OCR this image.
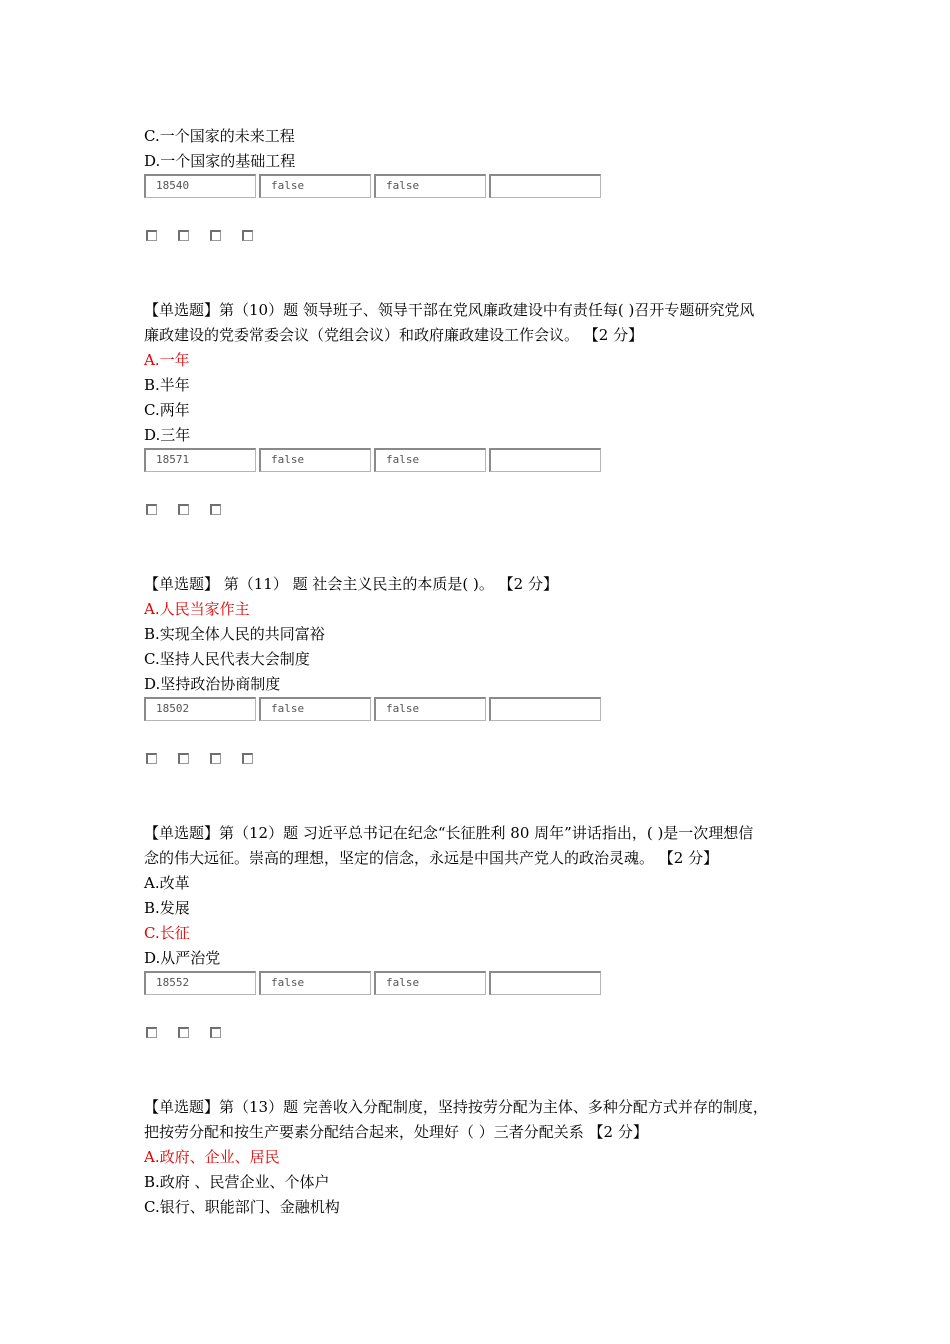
C.一个国家的未来工程
D.一个国家的基础工程
18540	false	false
【单选题】第（10）题 领导班子、领导干部在党风廉政建设中有责任每( )召开专题研究党风
廉政建设的党委常委会议（党组会议）和政府廉政建设工作会议。 【2 分】
A.一年
B.半年
C.两年
D.三年
18571	false	false
【单选题】 第（11） 题 社会主义民主的本质是( )。 【2 分】
A.人民当家作主
B.实现全体人民的共同富裕
C.坚持人民代表大会制度
D.坚持政治协商制度
18502	false	false
【单选题】第（12）题 习近平总书记在纪念“长征胜利 80 周年”讲话指出，( )是一次理想信
念的伟大远征。崇高的理想，坚定的信念，永远是中国共产党人的政治灵魂。 【2 分】
A.改革
B.发展
C.长征
D.从严治党
18552	false	false
【单选题】第（13）题 完善收入分配制度，坚持按劳分配为主体、多种分配方式并存的制度，
把按劳分配和按生产要素分配结合起来，处理好（ ）三者分配关系 【2 分】
A.政府、企业、居民
B.政府 、民营企业、个体户
C.银行、职能部门、金融机构
